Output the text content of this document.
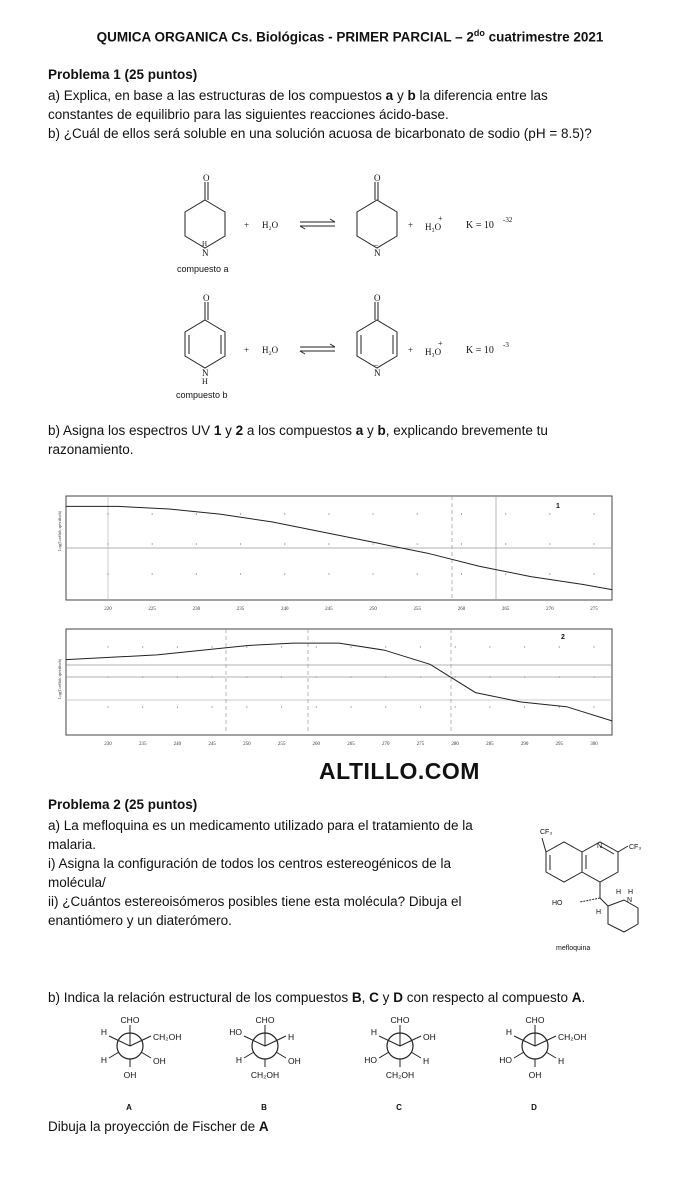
QUMICA ORGANICA Cs. Biológicas - PRIMER PARCIAL – $2^{do}$ cuatrimestre 2021
Problema 1 (25 puntos)
a) Explica, en base a las estructuras de los compuestos a y b la diferencia entre las
constantes de equilibrio para las siguientes reacciones ácido-base.
b) ¿Cuál de ellos será soluble en una solución acuosa de bicarbonato de sodio (pH = 8.5)?
O
N
H
+ H₂O
O
N
–
+ H₃O
+
K = 10 -32
compuesto a
O
N
H
+ H₂O
O
N
–
+ H₃O
+
K = 10 -3
compuesto b
b) Asigna los espectros UV 1 y 2 a los compuestos a y b, explicando brevemente tu
razonamiento.
Log(Coeffab. spezifisch)
1
220	225	230	235	240	245	250	255	260	265	270	275
Log(Coeffab. spezifisch)
2
230	235	240	245	250	255	260	265	270	275	280	285	290	295	300
ALTILLO.COM
Problema 2 (25 puntos)
a) La mefloquina es un medicamento utilizado para el tratamiento de la
malaria.
i) Asigna la configuración de todos los centros estereogénicos de la
molécula/
ii) ¿Cuántos estereoisómeros posibles tiene esta molécula? Dibuja el
enantiómero y un diaterómero.
CF₃
CF₃
N
HO
H
H
N
H
mefloquina
b) Indica la relación estructural de los compuestos B, C y D con respecto al compuesto A.
CHO
H	CH₂OH
H	OH
OH
A
CHO
HO	H
H	OH
CH₂OH
B
CHO
H	OH
HO	H
CH₂OH
C
CHO
H	CH₂OH
HO	H
OH
D
Dibuja la proyección de Fischer de A
